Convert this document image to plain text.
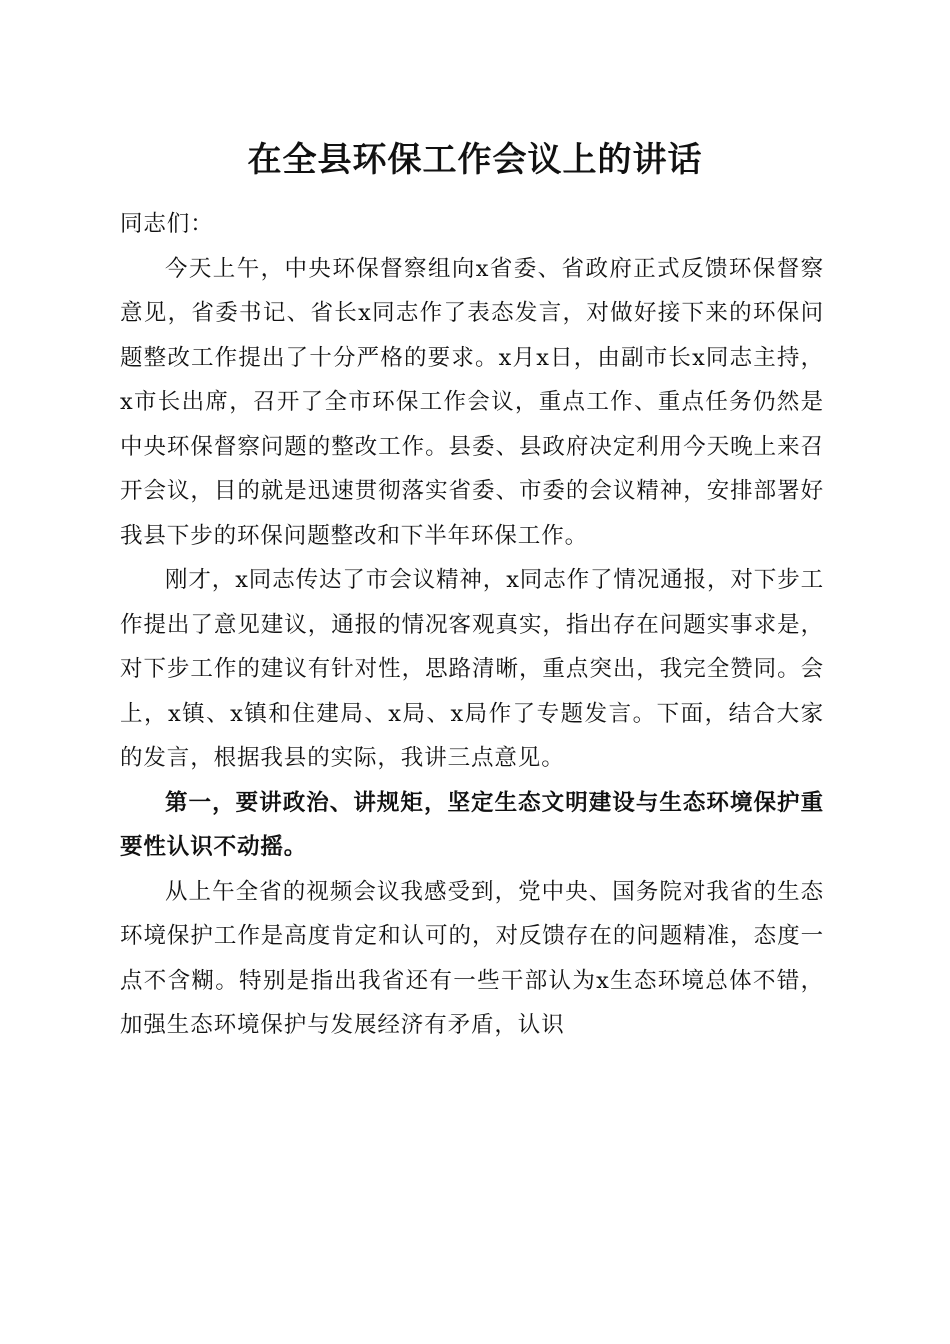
在全县环保工作会议上的讲话

同志们：

今天上午，中央环保督察组向x省委、省政府正式反馈环保督察意见，省委书记、省长x同志作了表态发言，对做好接下来的环保问题整改工作提出了十分严格的要求。x月x日，由副市长x同志主持，x市长出席，召开了全市环保工作会议，重点工作、重点任务仍然是中央环保督察问题的整改工作。县委、县政府决定利用今天晚上来召开会议，目的就是迅速贯彻落实省委、市委的会议精神，安排部署好我县下步的环保问题整改和下半年环保工作。

刚才，x同志传达了市会议精神，x同志作了情况通报，对下步工作提出了意见建议，通报的情况客观真实，指出存在问题实事求是，对下步工作的建议有针对性，思路清晰，重点突出，我完全赞同。会上，x镇、x镇和住建局、x局、x局作了专题发言。下面，结合大家的发言，根据我县的实际，我讲三点意见。

第一，要讲政治、讲规矩，坚定生态文明建设与生态环境保护重要性认识不动摇。

从上午全省的视频会议我感受到，党中央、国务院对我省的生态环境保护工作是高度肯定和认可的，对反馈存在的问题精准，态度一点不含糊。特别是指出我省还有一些干部认为x生态环境总体不错，加强生态环境保护与发展经济有矛盾，认识
